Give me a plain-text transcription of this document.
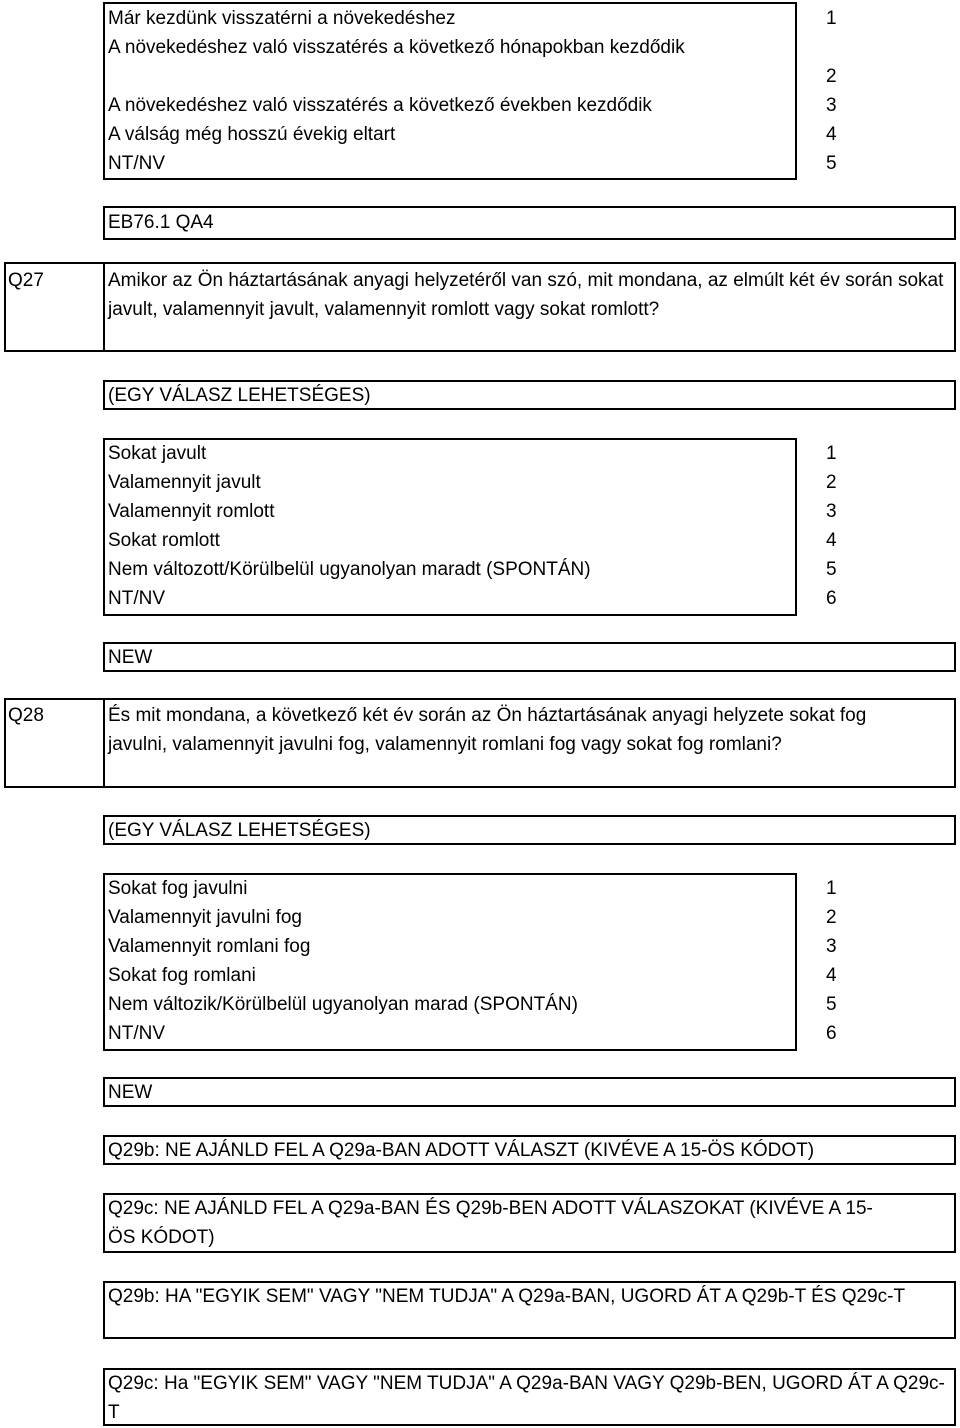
Már kezdünk visszatérni a növekedéshez	1
A növekedéshez való visszatérés a következő hónapokban kezdődik
2
A növekedéshez való visszatérés a következő években kezdődik	3
A válság még hosszú évekig eltart	4
NT/NV	5
EB76.1 QA4
Q27	Amikor az Ön háztartásának anyagi helyzetéről van szó, mit mondana, az elmúlt két év során sokat javult, valamennyit javult, valamennyit romlott vagy sokat romlott?
(EGY VÁLASZ LEHETSÉGES)
Sokat javult	1
Valamennyit javult	2
Valamennyit romlott	3
Sokat romlott	4
Nem változott/Körülbelül ugyanolyan maradt (SPONTÁN)	5
NT/NV	6
NEW
Q28	És mit mondana, a következő két év során az Ön háztartásának anyagi helyzete sokat fog javulni, valamennyit javulni fog, valamennyit romlani fog vagy sokat fog romlani?
(EGY VÁLASZ LEHETSÉGES)
Sokat fog javulni	1
Valamennyit javulni fog	2
Valamennyit romlani fog	3
Sokat fog romlani	4
Nem változik/Körülbelül ugyanolyan marad (SPONTÁN)	5
NT/NV	6
NEW
Q29b: NE AJÁNLD FEL A Q29a-BAN ADOTT VÁLASZT (KIVÉVE A 15-ÖS KÓDOT)
Q29c: NE AJÁNLD FEL A Q29a-BAN ÉS Q29b-BEN ADOTT VÁLASZOKAT (KIVÉVE A 15-ÖS KÓDOT)
Q29b: HA "EGYIK SEM" VAGY "NEM TUDJA" A Q29a-BAN, UGORD ÁT A Q29b-T ÉS Q29c-T
Q29c: Ha "EGYIK SEM" VAGY "NEM TUDJA" A Q29a-BAN VAGY Q29b-BEN, UGORD ÁT A Q29c-T
